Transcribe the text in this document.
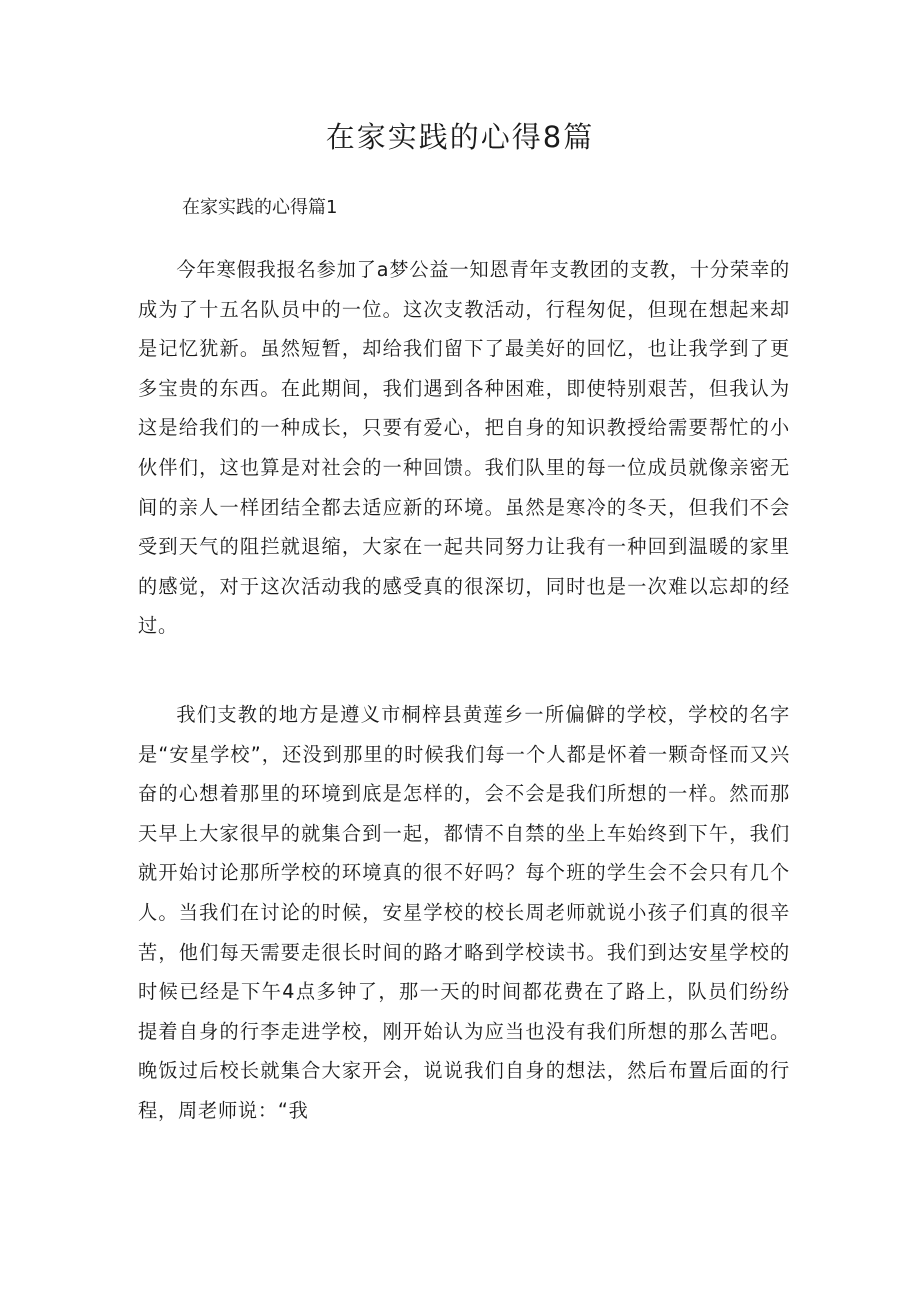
在家实践的心得8篇
在家实践的心得篇1

今年寒假我报名参加了a梦公益一知恩青年支教团的支教，十分荣幸的成为了十五名队员中的一位。这次支教活动，行程匆促，但现在想起来却是记忆犹新。虽然短暂，却给我们留下了最美好的回忆，也让我学到了更多宝贵的东西。在此期间，我们遇到各种困难，即使特别艰苦，但我认为这是给我们的一种成长，只要有爱心，把自身的知识教授给需要帮忙的小伙伴们，这也算是对社会的一种回馈。我们队里的每一位成员就像亲密无间的亲人一样团结全都去适应新的环境。虽然是寒冷的冬天，但我们不会受到天气的阻拦就退缩，大家在一起共同努力让我有一种回到温暖的家里的感觉，对于这次活动我的感受真的很深切，同时也是一次难以忘却的经过。

我们支教的地方是遵义市桐梓县黄莲乡一所偏僻的学校，学校的名字是“安星学校”，还没到那里的时候我们每一个人都是怀着一颗奇怪而又兴奋的心想着那里的环境到底是怎样的，会不会是我们所想的一样。然而那天早上大家很早的就集合到一起，都情不自禁的坐上车始终到下午，我们就开始讨论那所学校的环境真的很不好吗？每个班的学生会不会只有几个人。当我们在讨论的时候，安星学校的校长周老师就说小孩子们真的很辛苦，他们每天需要走很长时间的路才略到学校读书。我们到达安星学校的时候已经是下午4点多钟了，那一天的时间都花费在了路上，队员们纷纷提着自身的行李走进学校，刚开始认为应当也没有我们所想的那么苦吧。晚饭过后校长就集合大家开会，说说我们自身的想法，然后布置后面的行程，周老师说：“我
